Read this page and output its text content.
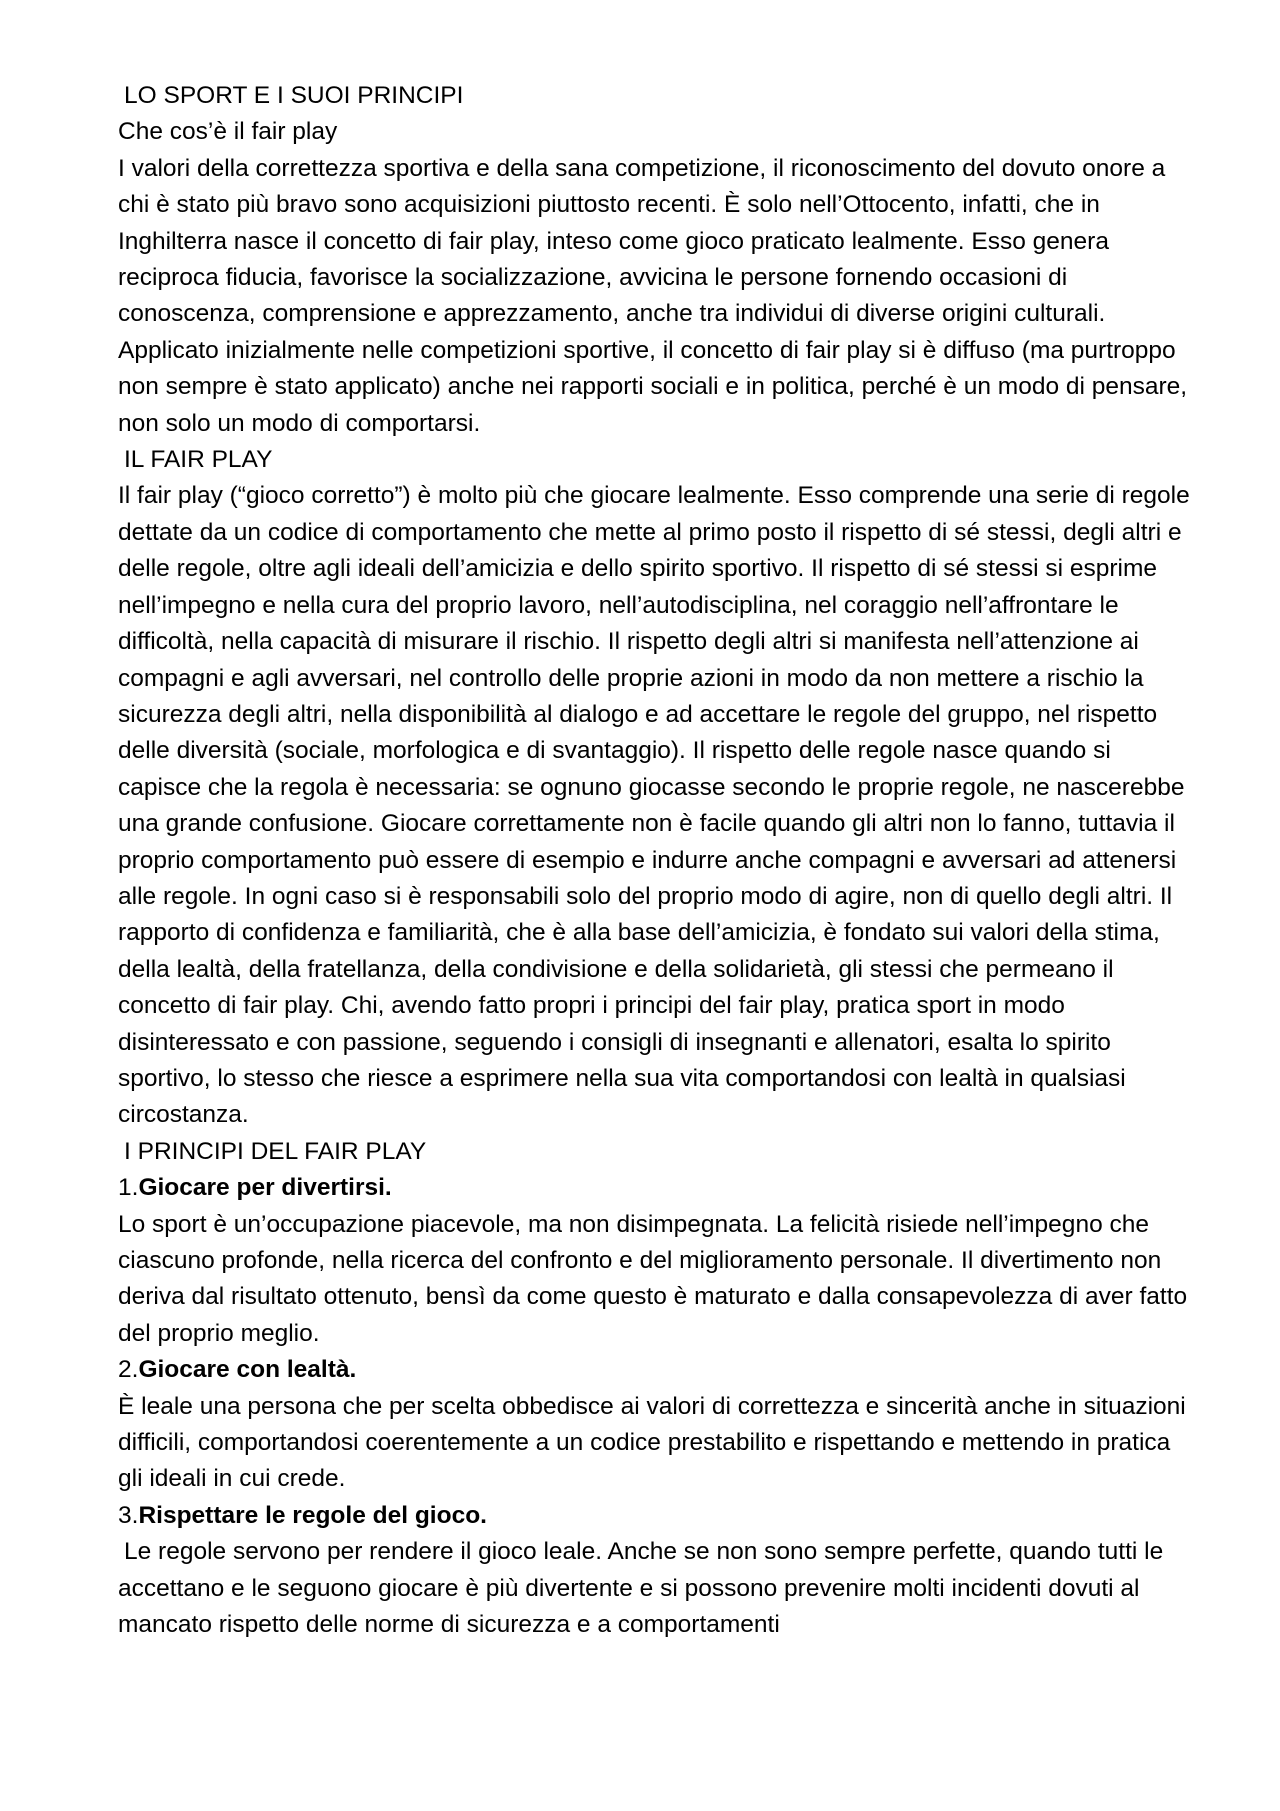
LO SPORT E I SUOI PRINCIPI
Che cos’è il fair play

I valori della correttezza sportiva e della sana competizione, il riconoscimento del dovuto onore a chi è stato più bravo sono acquisizioni piuttosto recenti. È solo nell’Ottocento, infatti, che in Inghilterra nasce il concetto di fair play, inteso come gioco praticato lealmente. Esso genera reciproca fiducia, favorisce la socializzazione, avvicina le persone fornendo occasioni di conoscenza, comprensione e apprezzamento, anche tra individui di diverse origini culturali. Applicato inizialmente nelle competizioni sportive, il concetto di fair play si è diffuso (ma purtroppo non sempre è stato applicato) anche nei rapporti sociali e in politica, perché è un modo di pensare, non solo un modo di comportarsi.

IL FAIR PLAY

Il fair play (“gioco corretto”) è molto più che giocare lealmente. Esso comprende una serie di regole dettate da un codice di comportamento che mette al primo posto il rispetto di sé stessi, degli altri e delle regole, oltre agli ideali dell’amicizia e dello spirito sportivo. Il rispetto di sé stessi si esprime nell’impegno e nella cura del proprio lavoro, nell’autodisciplina, nel coraggio nell’affrontare le difficoltà, nella capacità di misurare il rischio. Il rispetto degli altri si manifesta nell’attenzione ai compagni e agli avversari, nel controllo delle proprie azioni in modo da non mettere a rischio la sicurezza degli altri, nella disponibilità al dialogo e ad accettare le regole del gruppo, nel rispetto delle diversità (sociale, morfologica e di svantaggio). Il rispetto delle regole nasce quando si capisce che la regola è necessaria: se ognuno giocasse secondo le proprie regole, ne nascerebbe una grande confusione. Giocare correttamente non è facile quando gli altri non lo fanno, tuttavia il proprio comportamento può essere di esempio e indurre anche compagni e avversari ad attenersi alle regole. In ogni caso si è responsabili solo del proprio modo di agire, non di quello degli altri. Il rapporto di confidenza e familiarità, che è alla base dell’amicizia, è fondato sui valori della stima, della lealtà, della fratellanza, della condivisione e della solidarietà, gli stessi che permeano il concetto di fair play. Chi, avendo fatto propri i principi del fair play, pratica sport in modo disinteressato e con passione, seguendo i consigli di insegnanti e allenatori, esalta lo spirito sportivo, lo stesso che riesce a esprimere nella sua vita comportandosi con lealtà in qualsiasi circostanza.

I PRINCIPI DEL FAIR PLAY
1.Giocare per divertirsi.

Lo sport è un’occupazione piacevole, ma non disimpegnata. La felicità risiede nell’impegno che ciascuno profonde, nella ricerca del confronto e del miglioramento personale. Il divertimento non deriva dal risultato ottenuto, bensì da come questo è maturato e dalla consapevolezza di aver fatto del proprio meglio.

2.Giocare con lealtà.

È leale una persona che per scelta obbedisce ai valori di correttezza e sincerità anche in situazioni difficili, comportandosi coerentemente a un codice prestabilito e rispettando e mettendo in pratica gli ideali in cui crede.

3.Rispettare le regole del gioco.

Le regole servono per rendere il gioco leale. Anche se non sono sempre perfette, quando tutti le accettano e le seguono giocare è più divertente e si possono prevenire molti incidenti dovuti al mancato rispetto delle norme di sicurezza e a comportamenti
